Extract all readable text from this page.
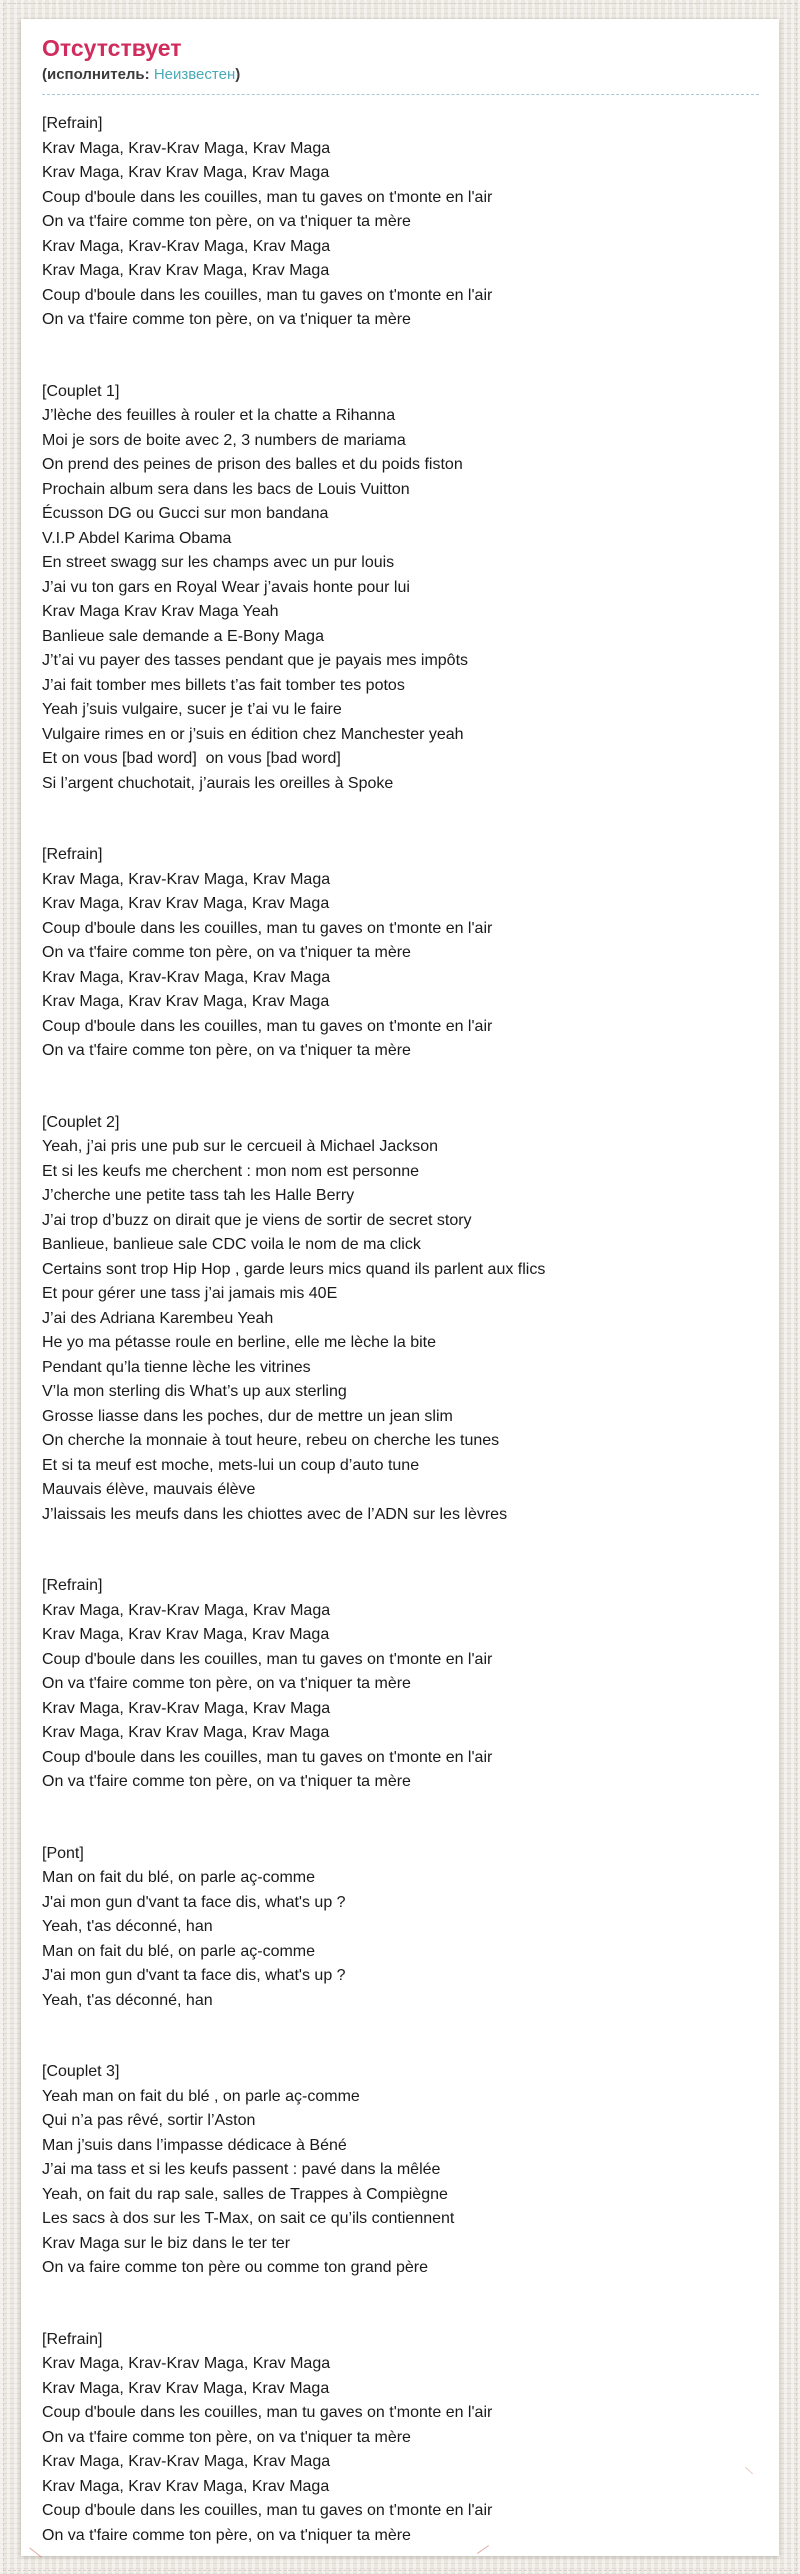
Отсутствует
(исполнитель: Неизвестен)
[Refrain]
Krav Maga, Krav-Krav Maga, Krav Maga
Krav Maga, Krav Krav Maga, Krav Maga
Coup d'boule dans les couilles, man tu gaves on t'monte en l'air
On va t'faire comme ton père, on va t'niquer ta mère
Krav Maga, Krav-Krav Maga, Krav Maga
Krav Maga, Krav Krav Maga, Krav Maga
Coup d'boule dans les couilles, man tu gaves on t'monte en l'air
On va t'faire comme ton père, on va t'niquer ta mère
[Couplet 1]
J’lèche des feuilles à rouler et la chatte a Rihanna
Moi je sors de boite avec 2, 3 numbers de mariama
On prend des peines de prison des balles et du poids fiston
Prochain album sera dans les bacs de Louis Vuitton
Écusson DG ou Gucci sur mon bandana
V.I.P Abdel Karima Obama
En street swagg sur les champs avec un pur louis
J’ai vu ton gars en Royal Wear j’avais honte pour lui
Krav Maga Krav Krav Maga Yeah
Banlieue sale demande a E-Bony Maga
J’t’ai vu payer des tasses pendant que je payais mes impôts
J’ai fait tomber mes billets t’as fait tomber tes potos
Yeah j’suis vulgaire, sucer je t’ai vu le faire
Vulgaire rimes en or j’suis en édition chez Manchester yeah
Et on vous [bad word]  on vous [bad word]
Si l’argent chuchotait, j’aurais les oreilles à Spoke
[Refrain]
Krav Maga, Krav-Krav Maga, Krav Maga
Krav Maga, Krav Krav Maga, Krav Maga
Coup d'boule dans les couilles, man tu gaves on t'monte en l'air
On va t'faire comme ton père, on va t'niquer ta mère
Krav Maga, Krav-Krav Maga, Krav Maga
Krav Maga, Krav Krav Maga, Krav Maga
Coup d'boule dans les couilles, man tu gaves on t'monte en l'air
On va t'faire comme ton père, on va t'niquer ta mère
[Couplet 2]
Yeah, j’ai pris une pub sur le cercueil à Michael Jackson
Et si les keufs me cherchent : mon nom est personne
J’cherche une petite tass tah les Halle Berry
J’ai trop d’buzz on dirait que je viens de sortir de secret story
Banlieue, banlieue sale CDC voila le nom de ma click
Certains sont trop Hip Hop , garde leurs mics quand ils parlent aux flics
Et pour gérer une tass j’ai jamais mis 40E
J’ai des Adriana Karembeu Yeah
He yo ma pétasse roule en berline, elle me lèche la bite
Pendant qu’la tienne lèche les vitrines
V’la mon sterling dis What’s up aux sterling
Grosse liasse dans les poches, dur de mettre un jean slim
On cherche la monnaie à tout heure, rebeu on cherche les tunes
Et si ta meuf est moche, mets-lui un coup d’auto tune
Mauvais élève, mauvais élève
J’laissais les meufs dans les chiottes avec de l’ADN sur les lèvres
[Refrain]
Krav Maga, Krav-Krav Maga, Krav Maga
Krav Maga, Krav Krav Maga, Krav Maga
Coup d'boule dans les couilles, man tu gaves on t'monte en l'air
On va t'faire comme ton père, on va t'niquer ta mère
Krav Maga, Krav-Krav Maga, Krav Maga
Krav Maga, Krav Krav Maga, Krav Maga
Coup d'boule dans les couilles, man tu gaves on t'monte en l'air
On va t'faire comme ton père, on va t'niquer ta mère
[Pont]
Man on fait du blé, on parle aç-comme
J'ai mon gun d'vant ta face dis, what's up ?
Yeah, t'as déconné, han
Man on fait du blé, on parle aç-comme
J'ai mon gun d'vant ta face dis, what's up ?
Yeah, t'as déconné, han
[Couplet 3]
Yeah man on fait du blé , on parle aç-comme
Qui n’a pas rêvé, sortir l’Aston
Man j’suis dans l’impasse dédicace à Béné
J’ai ma tass et si les keufs passent : pavé dans la mêlée
Yeah, on fait du rap sale, salles de Trappes à Compiègne
Les sacs à dos sur les T-Max, on sait ce qu’ils contiennent
Krav Maga sur le biz dans le ter ter
On va faire comme ton père ou comme ton grand père
[Refrain]
Krav Maga, Krav-Krav Maga, Krav Maga
Krav Maga, Krav Krav Maga, Krav Maga
Coup d'boule dans les couilles, man tu gaves on t'monte en l'air
On va t'faire comme ton père, on va t'niquer ta mère
Krav Maga, Krav-Krav Maga, Krav Maga
Krav Maga, Krav Krav Maga, Krav Maga
Coup d'boule dans les couilles, man tu gaves on t'monte en l'air
On va t'faire comme ton père, on va t'niquer ta mère
